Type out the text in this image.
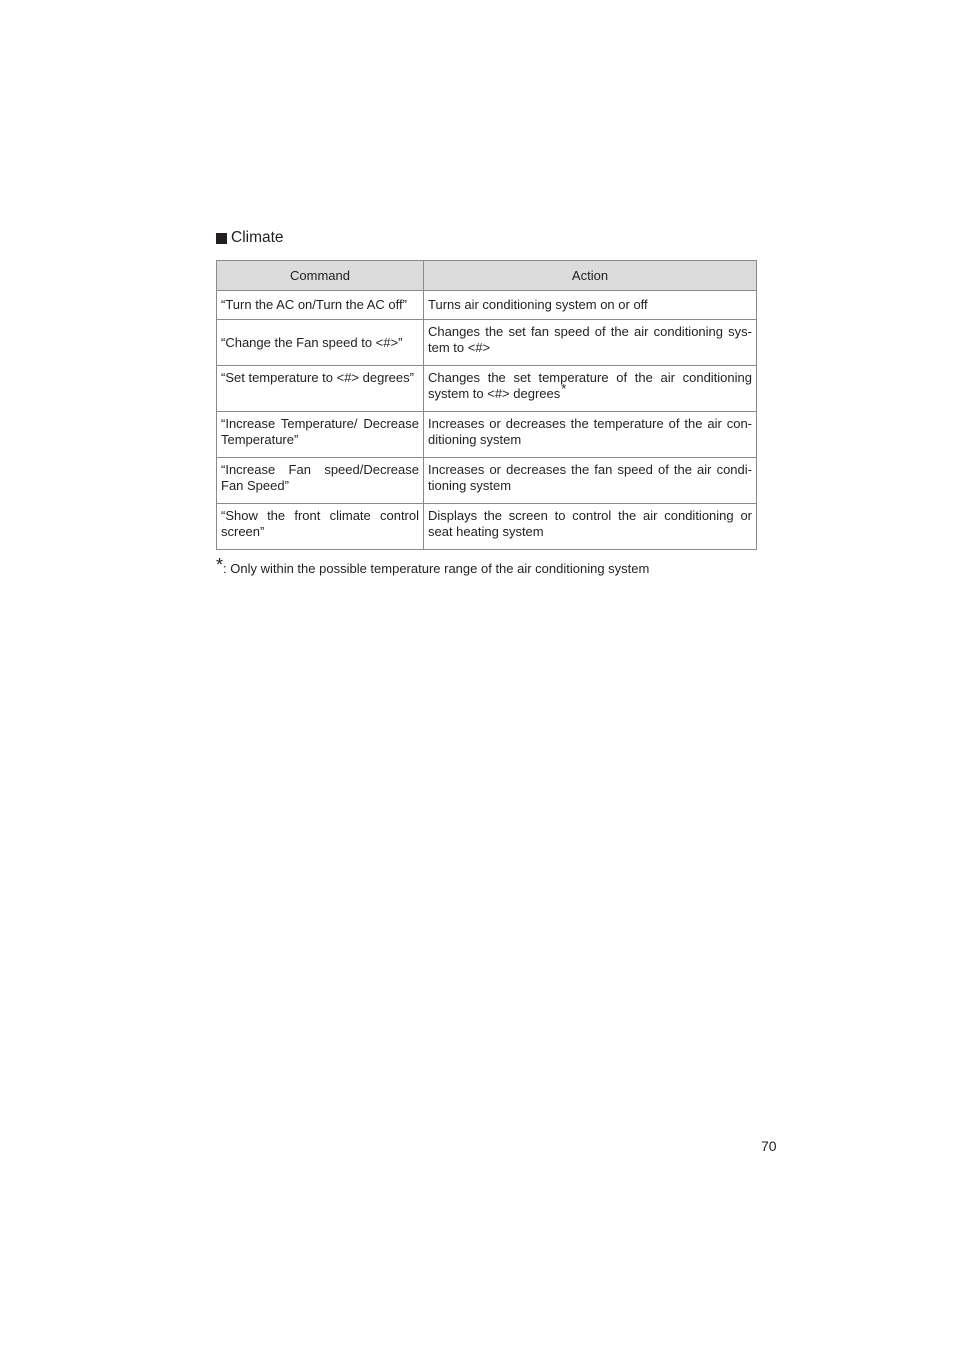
Climate
Command	Action
“Turn the AC on/Turn the AC off”	Turns air conditioning system on or off
“Change the Fan speed to <#>”	Changes the set fan speed of the air conditioning sys-tem to <#>
“Set temperature to <#> degrees”	Changes the set temperature of the air conditioning system to <#> degrees*
“Increase Temperature/ Decrease Temperature”	Increases or decreases the temperature of the air con-ditioning system
“Increase Fan speed/Decrease Fan Speed”	Increases or decreases the fan speed of the air condi-tioning system
“Show the front climate control screen”	Displays the screen to control the air conditioning or seat heating system
* : Only within the possible temperature range of the air conditioning system
70
